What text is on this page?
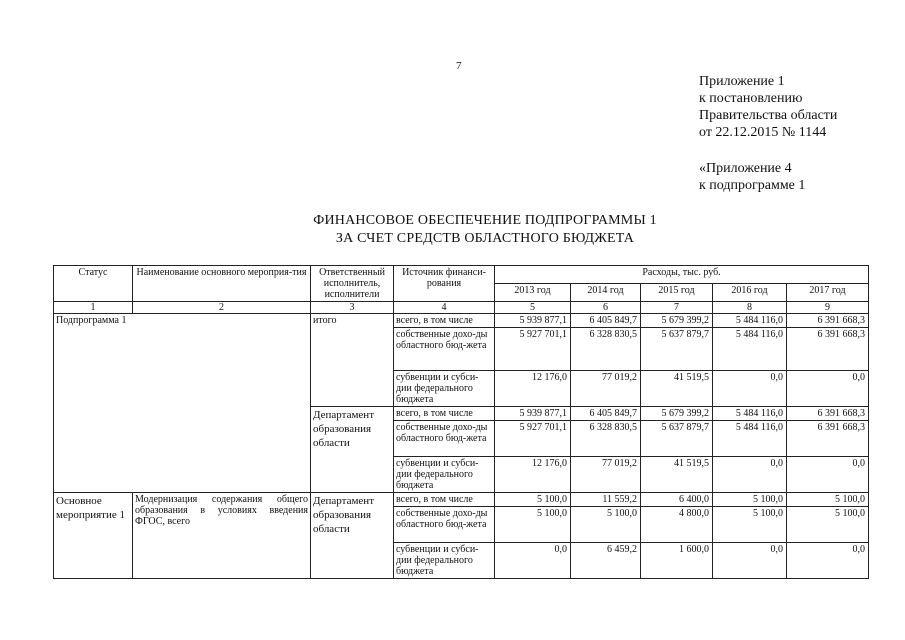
7
Приложение 1
к постановлению
Правительства области
от 22.12.2015 № 1144
«Приложение 4
к подпрограмме 1
ФИНАНСОВОЕ ОБЕСПЕЧЕНИЕ ПОДПРОГРАММЫ 1
ЗА СЧЕТ СРЕДСТВ ОБЛАСТНОГО БЮДЖЕТА
Статус	Наименование основного мероприя-тия	Ответственный исполнитель, исполнители	Источник финанси-рования	Расходы, тыс. руб.				
				2013 год	2014 год	2015 год	2016 год	2017 год
1	2	3	4	5	6	7	8	9
Подпрограмма 1		итого	всего, в том числе	5 939 877,1	6 405 849,7	5 679 399,2	5 484 116,0	6 391 668,3
			собственные дохо-ды областного бюд-жета	5 927 701,1	6 328 830,5	5 637 879,7	5 484 116,0	6 391 668,3
			субвенции и субси-дии федерального бюджета	12 176,0	77 019,2	41 519,5	0,0	0,0
		Департамент образования области	всего, в том числе	5 939 877,1	6 405 849,7	5 679 399,2	5 484 116,0	6 391 668,3
			собственные дохо-ды областного бюд-жета	5 927 701,1	6 328 830,5	5 637 879,7	5 484 116,0	6 391 668,3
			субвенции и субси-дии федерального бюджета	12 176,0	77 019,2	41 519,5	0,0	0,0
Основное мероприятие 1	Модернизация содержания общего образования в условиях введения ФГОС, всего	Департамент образования области	всего, в том числе	5 100,0	11 559,2	6 400,0	5 100,0	5 100,0
			собственные дохо-ды областного бюд-жета	5 100,0	5 100,0	4 800,0	5 100,0	5 100,0
			субвенции и субси-дии федерального бюджета	0,0	6 459,2	1 600,0	0,0	0,0
